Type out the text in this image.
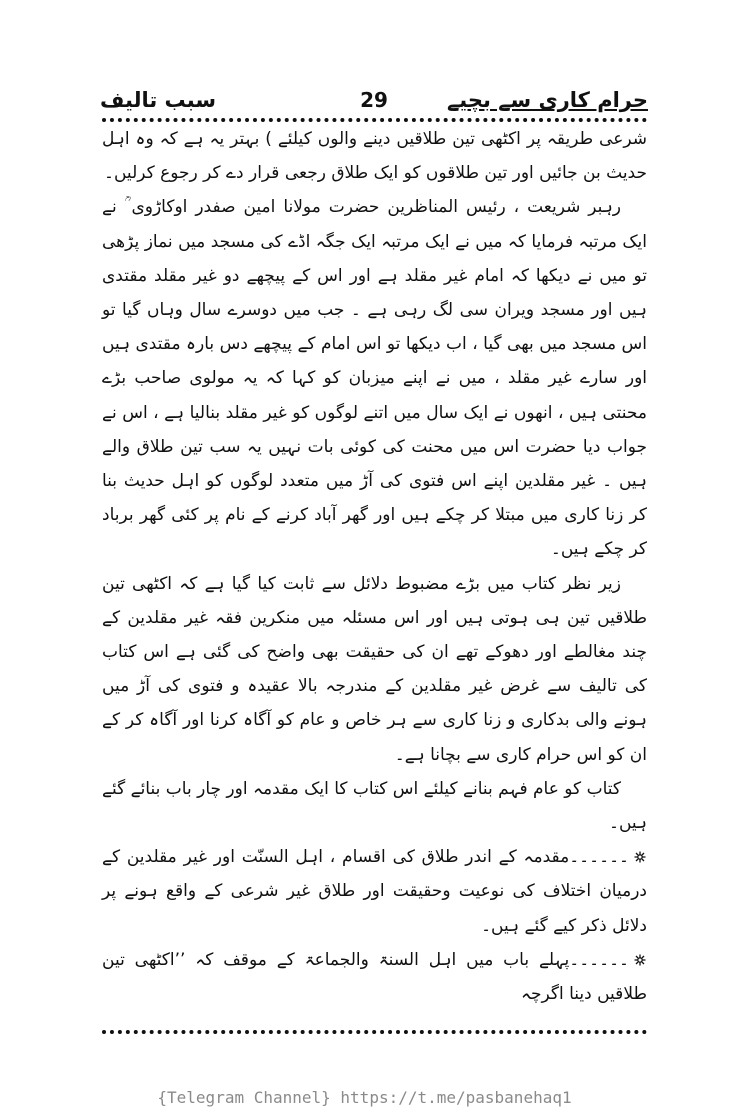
حرام کاری سے بچیے
29
سبب تالیف

شرعی طریقہ پر اکٹھی تین طلاقیں دینے والوں کیلئے ) بہتر یہ ہے کہ وہ اہل حدیث بن جائیں اور تین طلاقوں کو ایک طلاق رجعی قرار دے کر رجوع کرلیں۔

رہبر شریعت ، رئیس المناظرین حضرت مولانا امین صفدر اوکاڑوی ؒ نے ایک مرتبہ فرمایا کہ میں نے ایک مرتبہ ایک جگہ اڈے کی مسجد میں نماز پڑھی تو میں نے دیکھا کہ امام غیر مقلد ہے اور اس کے پیچھے دو غیر مقلد مقتدی ہیں اور مسجد ویران سی لگ رہی ہے ۔ جب میں دوسرے سال وہاں گیا تو اس مسجد میں بھی گیا ، اب دیکھا تو اس امام کے پیچھے دس بارہ مقتدی ہیں اور سارے غیر مقلد ، میں نے اپنے میزبان کو کہا کہ یہ مولوی صاحب بڑے محنتی ہیں ، انھوں نے ایک سال میں اتنے لوگوں کو غیر مقلد بنالیا ہے ، اس نے جواب دیا حضرت اس میں محنت کی کوئی بات نہیں یہ سب تین طلاق والے ہیں ۔ غیر مقلدین اپنے اس فتوی کی آڑ میں متعدد لوگوں کو اہل حدیث بنا کر زنا کاری میں مبتلا کر چکے ہیں اور گھر آباد کرنے کے نام پر کئی گھر برباد کر چکے ہیں۔

زیر نظر کتاب میں بڑے مضبوط دلائل سے ثابت کیا گیا ہے کہ اکٹھی تین طلاقیں تین ہی ہوتی ہیں اور اس مسئلہ میں منکرین فقہ غیر مقلدین کے چند مغالطے اور دھوکے تھے ان کی حقیقت بھی واضح کی گئی ہے اس کتاب کی تالیف سے غرض غیر مقلدین کے مندرجہ بالا عقیدہ و فتوی کی آڑ میں ہونے والی بدکاری و زنا کاری سے ہر خاص و عام کو آگاہ کرنا اور آگاہ کر کے ان کو اس حرام کاری سے بچانا ہے۔

کتاب کو عام فہم بنانے کیلئے اس کتاب کا ایک مقدمہ اور چار باب بنائے گئے ہیں۔

۔۔۔۔۔۔مقدمہ کے اندر طلاق کی اقسام ، اہل السنّت اور غیر مقلدین کے درمیان اختلاف کی نوعیت وحقیقت اور طلاق غیر شرعی کے واقع ہونے پر دلائل ذکر کیے گئے ہیں۔

۔۔۔۔۔۔پہلے باب میں اہل السنۃ والجماعۃ کے موقف کہ ’’اکٹھی تین طلاقیں دینا اگرچہ

{Telegram Channel} https://t.me/pasbanehaq1
